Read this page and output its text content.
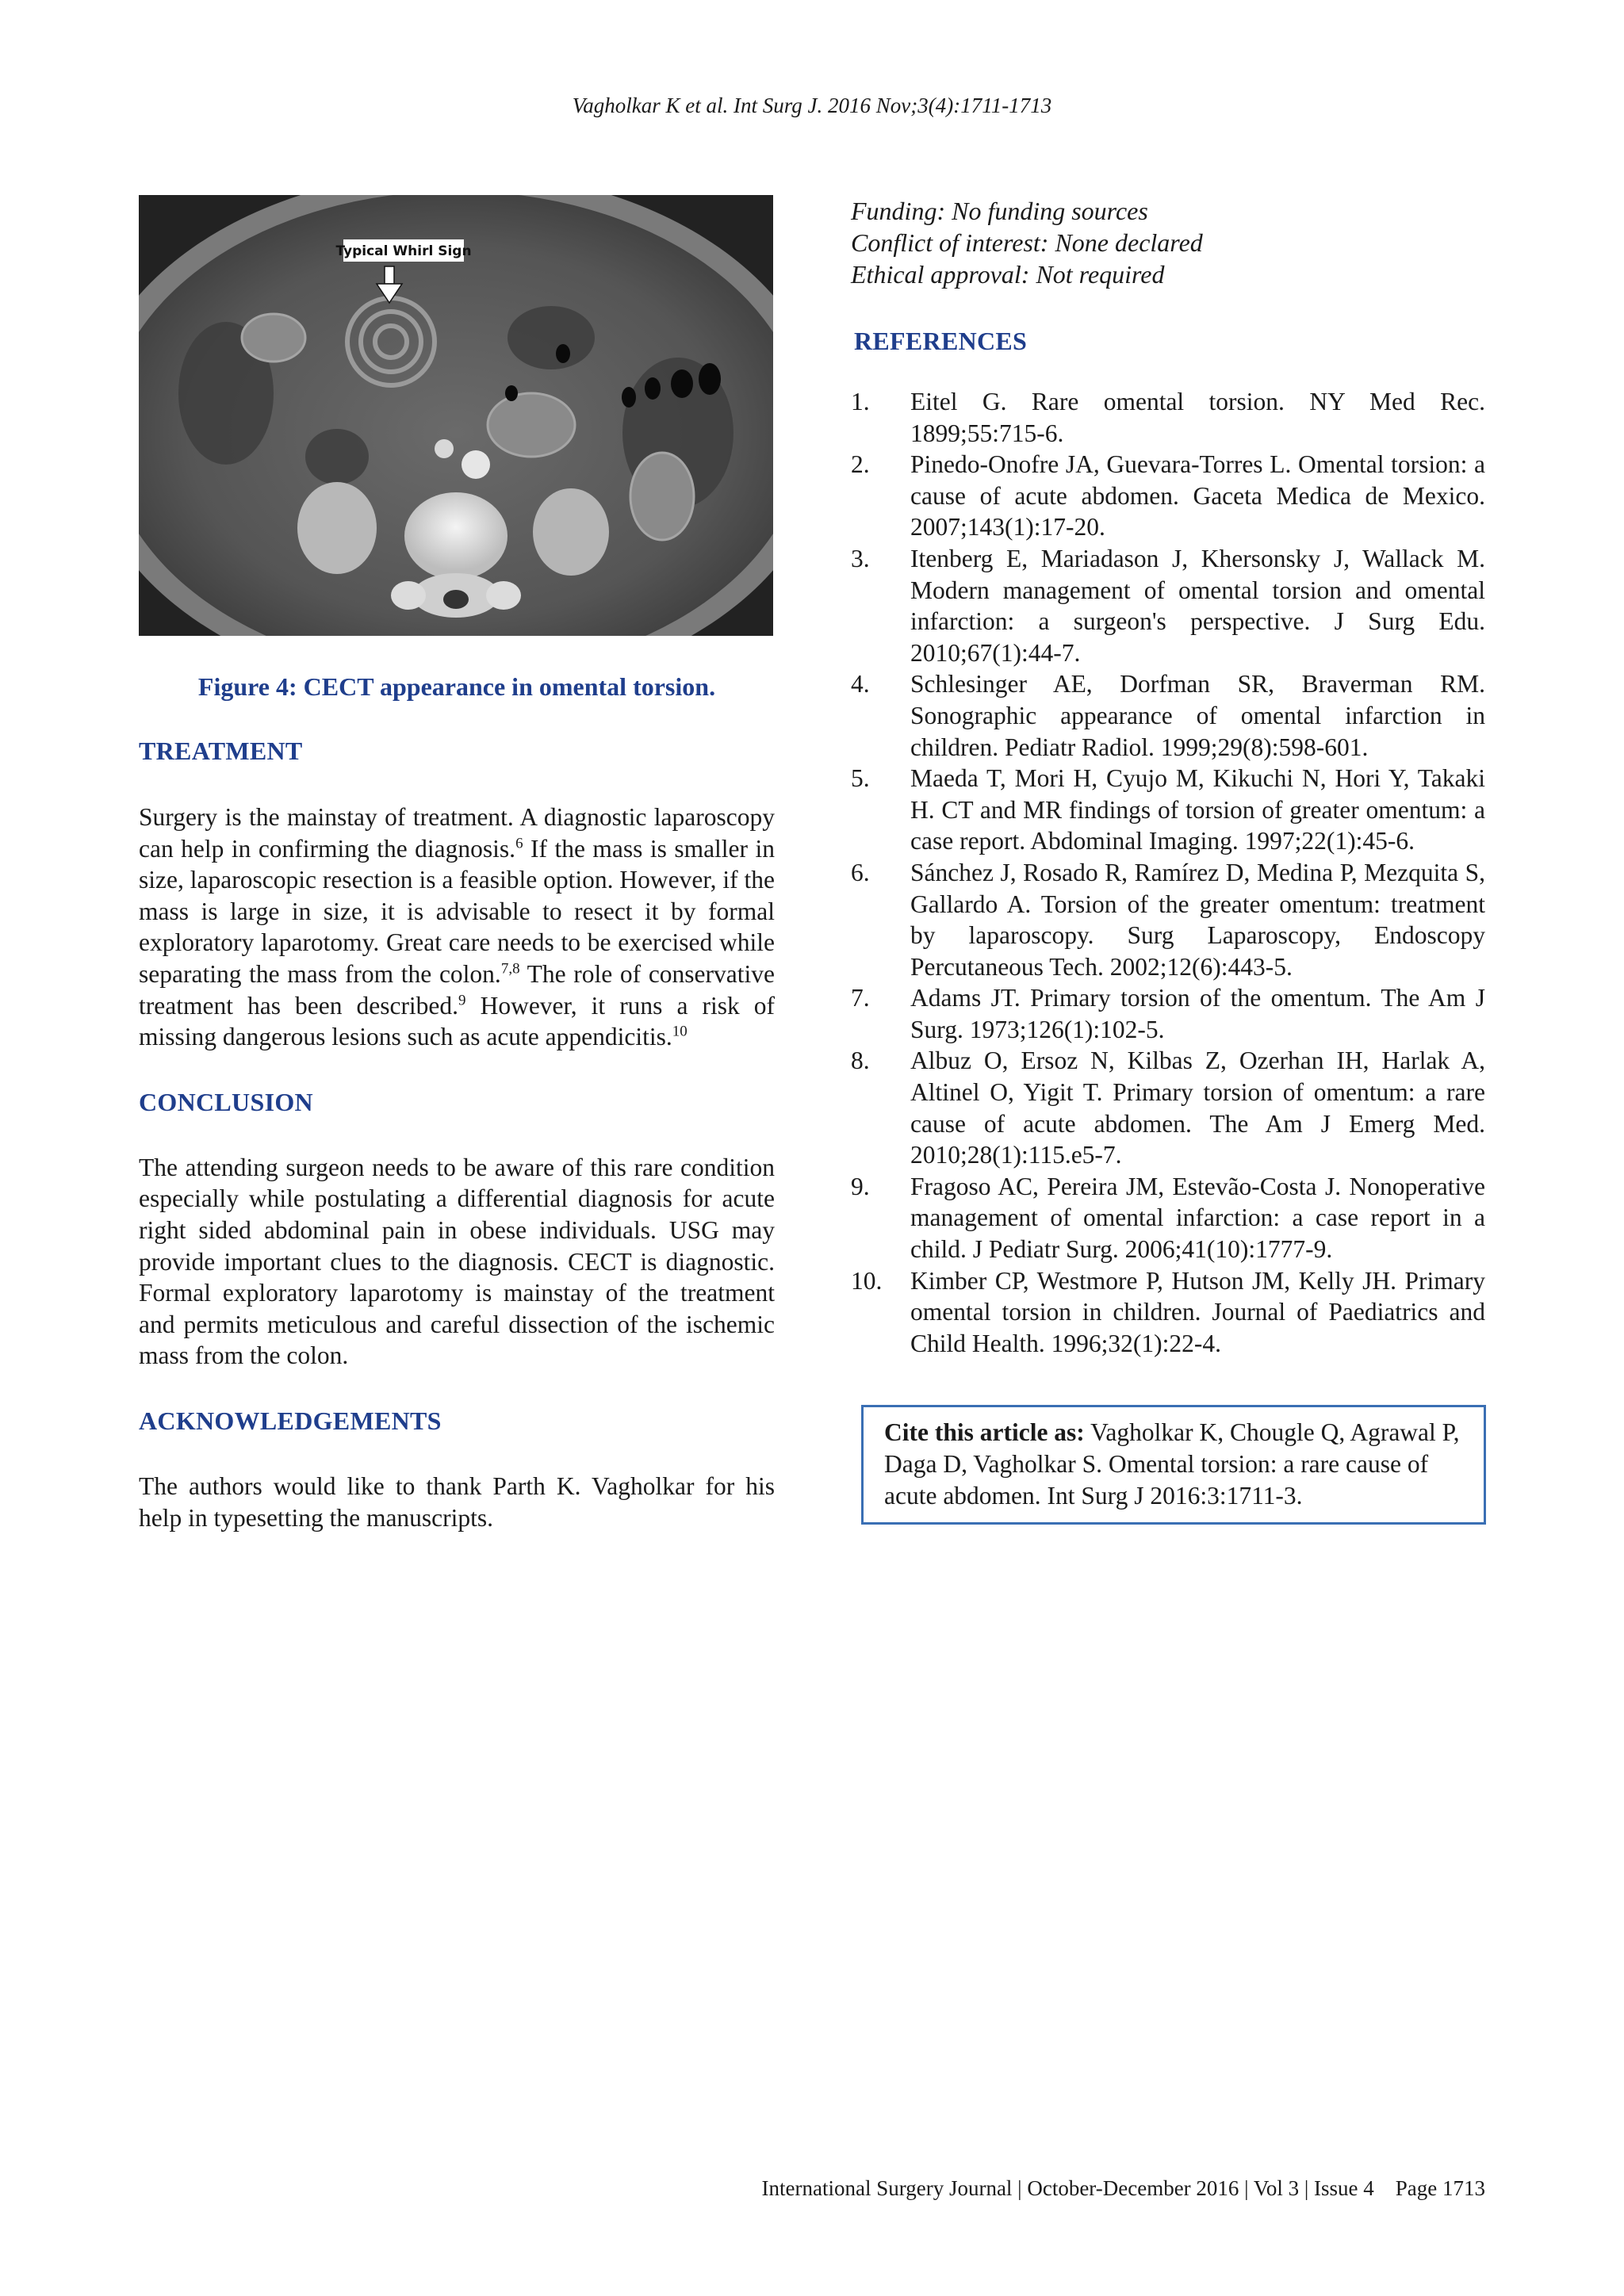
Vagholkar K et al. Int Surg J. 2016 Nov;3(4):1711-1713
Typical Whirl Sign
Figure 4: CECT appearance in omental torsion.
TREATMENT

Surgery is the mainstay of treatment. A diagnostic laparoscopy can help in confirming the diagnosis.$^6$ If the mass is smaller in size, laparoscopic resection is a feasible option. However, if the mass is large in size, it is advisable to resect it by formal exploratory laparotomy. Great care needs to be exercised while separating the mass from the colon.$^{7,8}$ The role of conservative treatment has been described.$^9$ However, it runs a risk of missing dangerous lesions such as acute appendicitis.$^{10}$

CONCLUSION

The attending surgeon needs to be aware of this rare condition especially while postulating a differential diagnosis for acute right sided abdominal pain in obese individuals. USG may provide important clues to the diagnosis. CECT is diagnostic. Formal exploratory laparotomy is mainstay of the treatment and permits meticulous and careful dissection of the ischemic mass from the colon.

ACKNOWLEDGEMENTS

The authors would like to thank Parth K. Vagholkar for his help in typesetting the manuscripts.

Funding: No funding sources
Conflict of interest: None declared
Ethical approval: Not required
REFERENCES
1. Eitel G. Rare omental torsion. NY Med Rec. 1899;55:715-6.
2. Pinedo-Onofre JA, Guevara-Torres L. Omental torsion: a cause of acute abdomen. Gaceta Medica de Mexico. 2007;143(1):17-20.
3. Itenberg E, Mariadason J, Khersonsky J, Wallack M. Modern management of omental torsion and omental infarction: a surgeon's perspective. J Surg Edu. 2010;67(1):44-7.
4. Schlesinger AE, Dorfman SR, Braverman RM. Sonographic appearance of omental infarction in children. Pediatr Radiol. 1999;29(8):598-601.
5. Maeda T, Mori H, Cyujo M, Kikuchi N, Hori Y, Takaki H. CT and MR findings of torsion of greater omentum: a case report. Abdominal Imaging. 1997;22(1):45-6.
6. Sánchez J, Rosado R, Ramírez D, Medina P, Mezquita S, Gallardo A. Torsion of the greater omentum: treatment by laparoscopy. Surg Laparoscopy, Endoscopy Percutaneous Tech. 2002;12(6):443-5.
7. Adams JT. Primary torsion of the omentum. The Am J Surg. 1973;126(1):102-5.
8. Albuz O, Ersoz N, Kilbas Z, Ozerhan IH, Harlak A, Altinel O, Yigit T. Primary torsion of omentum: a rare cause of acute abdomen. The Am J Emerg Med. 2010;28(1):115.e5-7.
9. Fragoso AC, Pereira JM, Estevão-Costa J. Nonoperative management of omental infarction: a case report in a child. J Pediatr Surg. 2006;41(10):1777-9.
10. Kimber CP, Westmore P, Hutson JM, Kelly JH. Primary omental torsion in children. Journal of Paediatrics and Child Health. 1996;32(1):22-4.
Cite this article as: Vagholkar K, Chougle Q, Agrawal P, Daga D, Vagholkar S. Omental torsion: a rare cause of acute abdomen. Int Surg J 2016:3:1711-3.
International Surgery Journal | October-December 2016 | Vol 3 | Issue 4    Page 1713
